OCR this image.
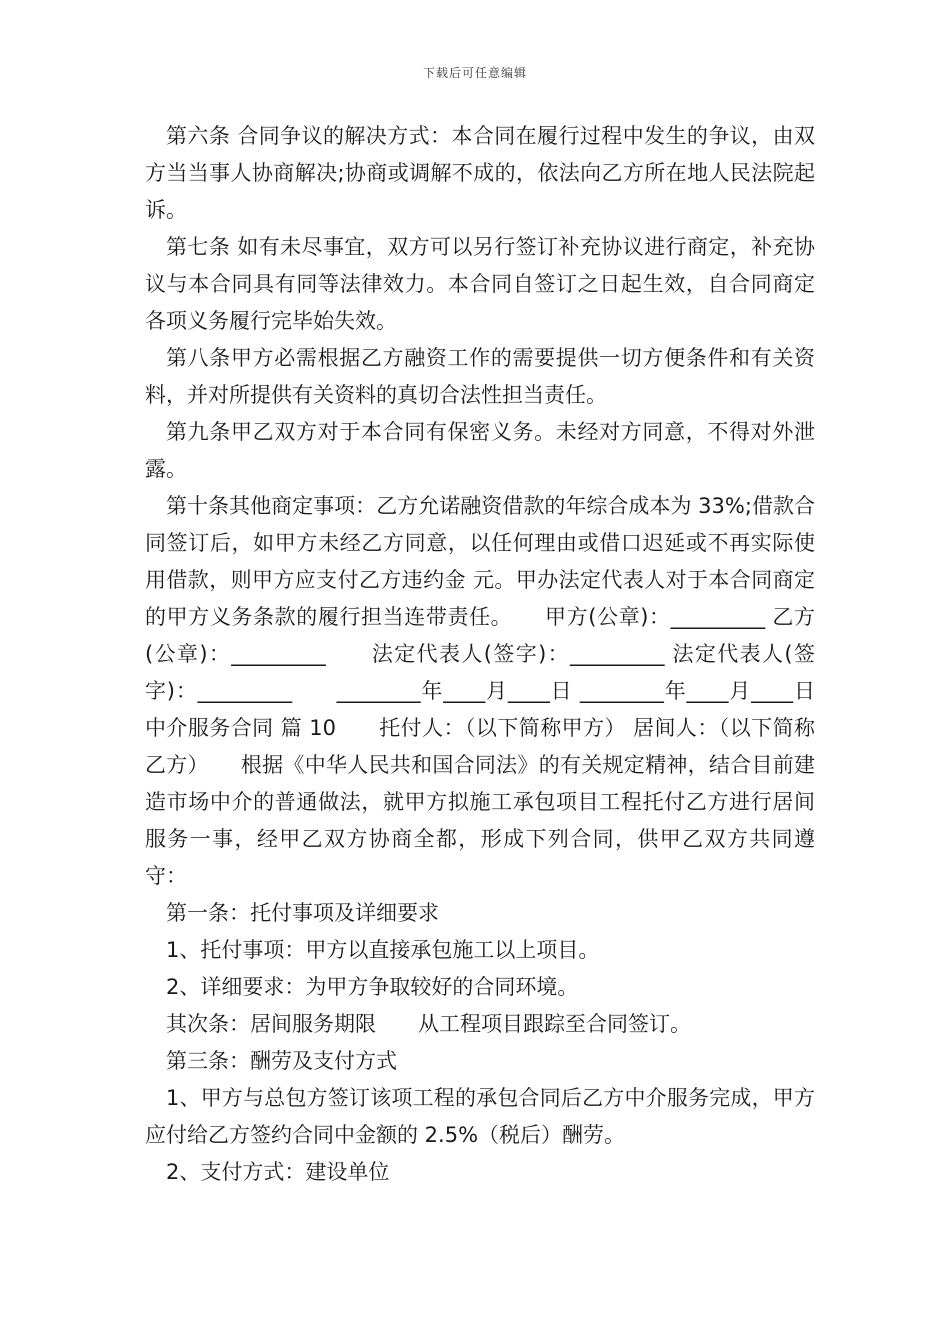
下载后可任意编辑

第六条 合同争议的解决方式：本合同在履行过程中发生的争议，由双方当当事人协商解决;协商或调解不成的，依法向乙方所在地人民法院起诉。

第七条 如有未尽事宜，双方可以另行签订补充协议进行商定，补充协议与本合同具有同等法律效力。本合同自签订之日起生效，自合同商定各项义务履行完毕始失效。

第八条甲方必需根据乙方融资工作的需要提供一切方便条件和有关资料，并对所提供有关资料的真切合法性担当责任。

第九条甲乙双方对于本合同有保密义务。未经对方同意，不得对外泄露。

第十条其他商定事项：乙方允诺融资借款的年综合成本为 33%;借款合同签订后，如甲方未经乙方同意，以任何理由或借口迟延或不再实际使用借款，则甲方应支付乙方违约金 元。甲办法定代表人对于本合同商定的甲方义务条款的履行担当连带责任。　　甲方(公章)：_________ 乙方(公章)：_________　　法定代表人(签字)：_________ 法定代表人(签字)：_________　　________年____月____日 ________年____月____日中介服务合同 篇 10　　托付人：（以下简称甲方） 居间人：（以下简称乙方）　　根据《中华人民共和国合同法》的有关规定精神，结合目前建造市场中介的普通做法，就甲方拟施工承包项目工程托付乙方进行居间服务一事，经甲乙双方协商全都，形成下列合同，供甲乙双方共同遵守：

第一条：托付事项及详细要求

1、托付事项：甲方以直接承包施工以上项目。

2、详细要求：为甲方争取较好的合同环境。

其次条：居间服务期限　　从工程项目跟踪至合同签订。

第三条：酬劳及支付方式

1、甲方与总包方签订该项工程的承包合同后乙方中介服务完成，甲方应付给乙方签约合同中金额的 2.5%（税后）酬劳。

2、支付方式：建设单位
